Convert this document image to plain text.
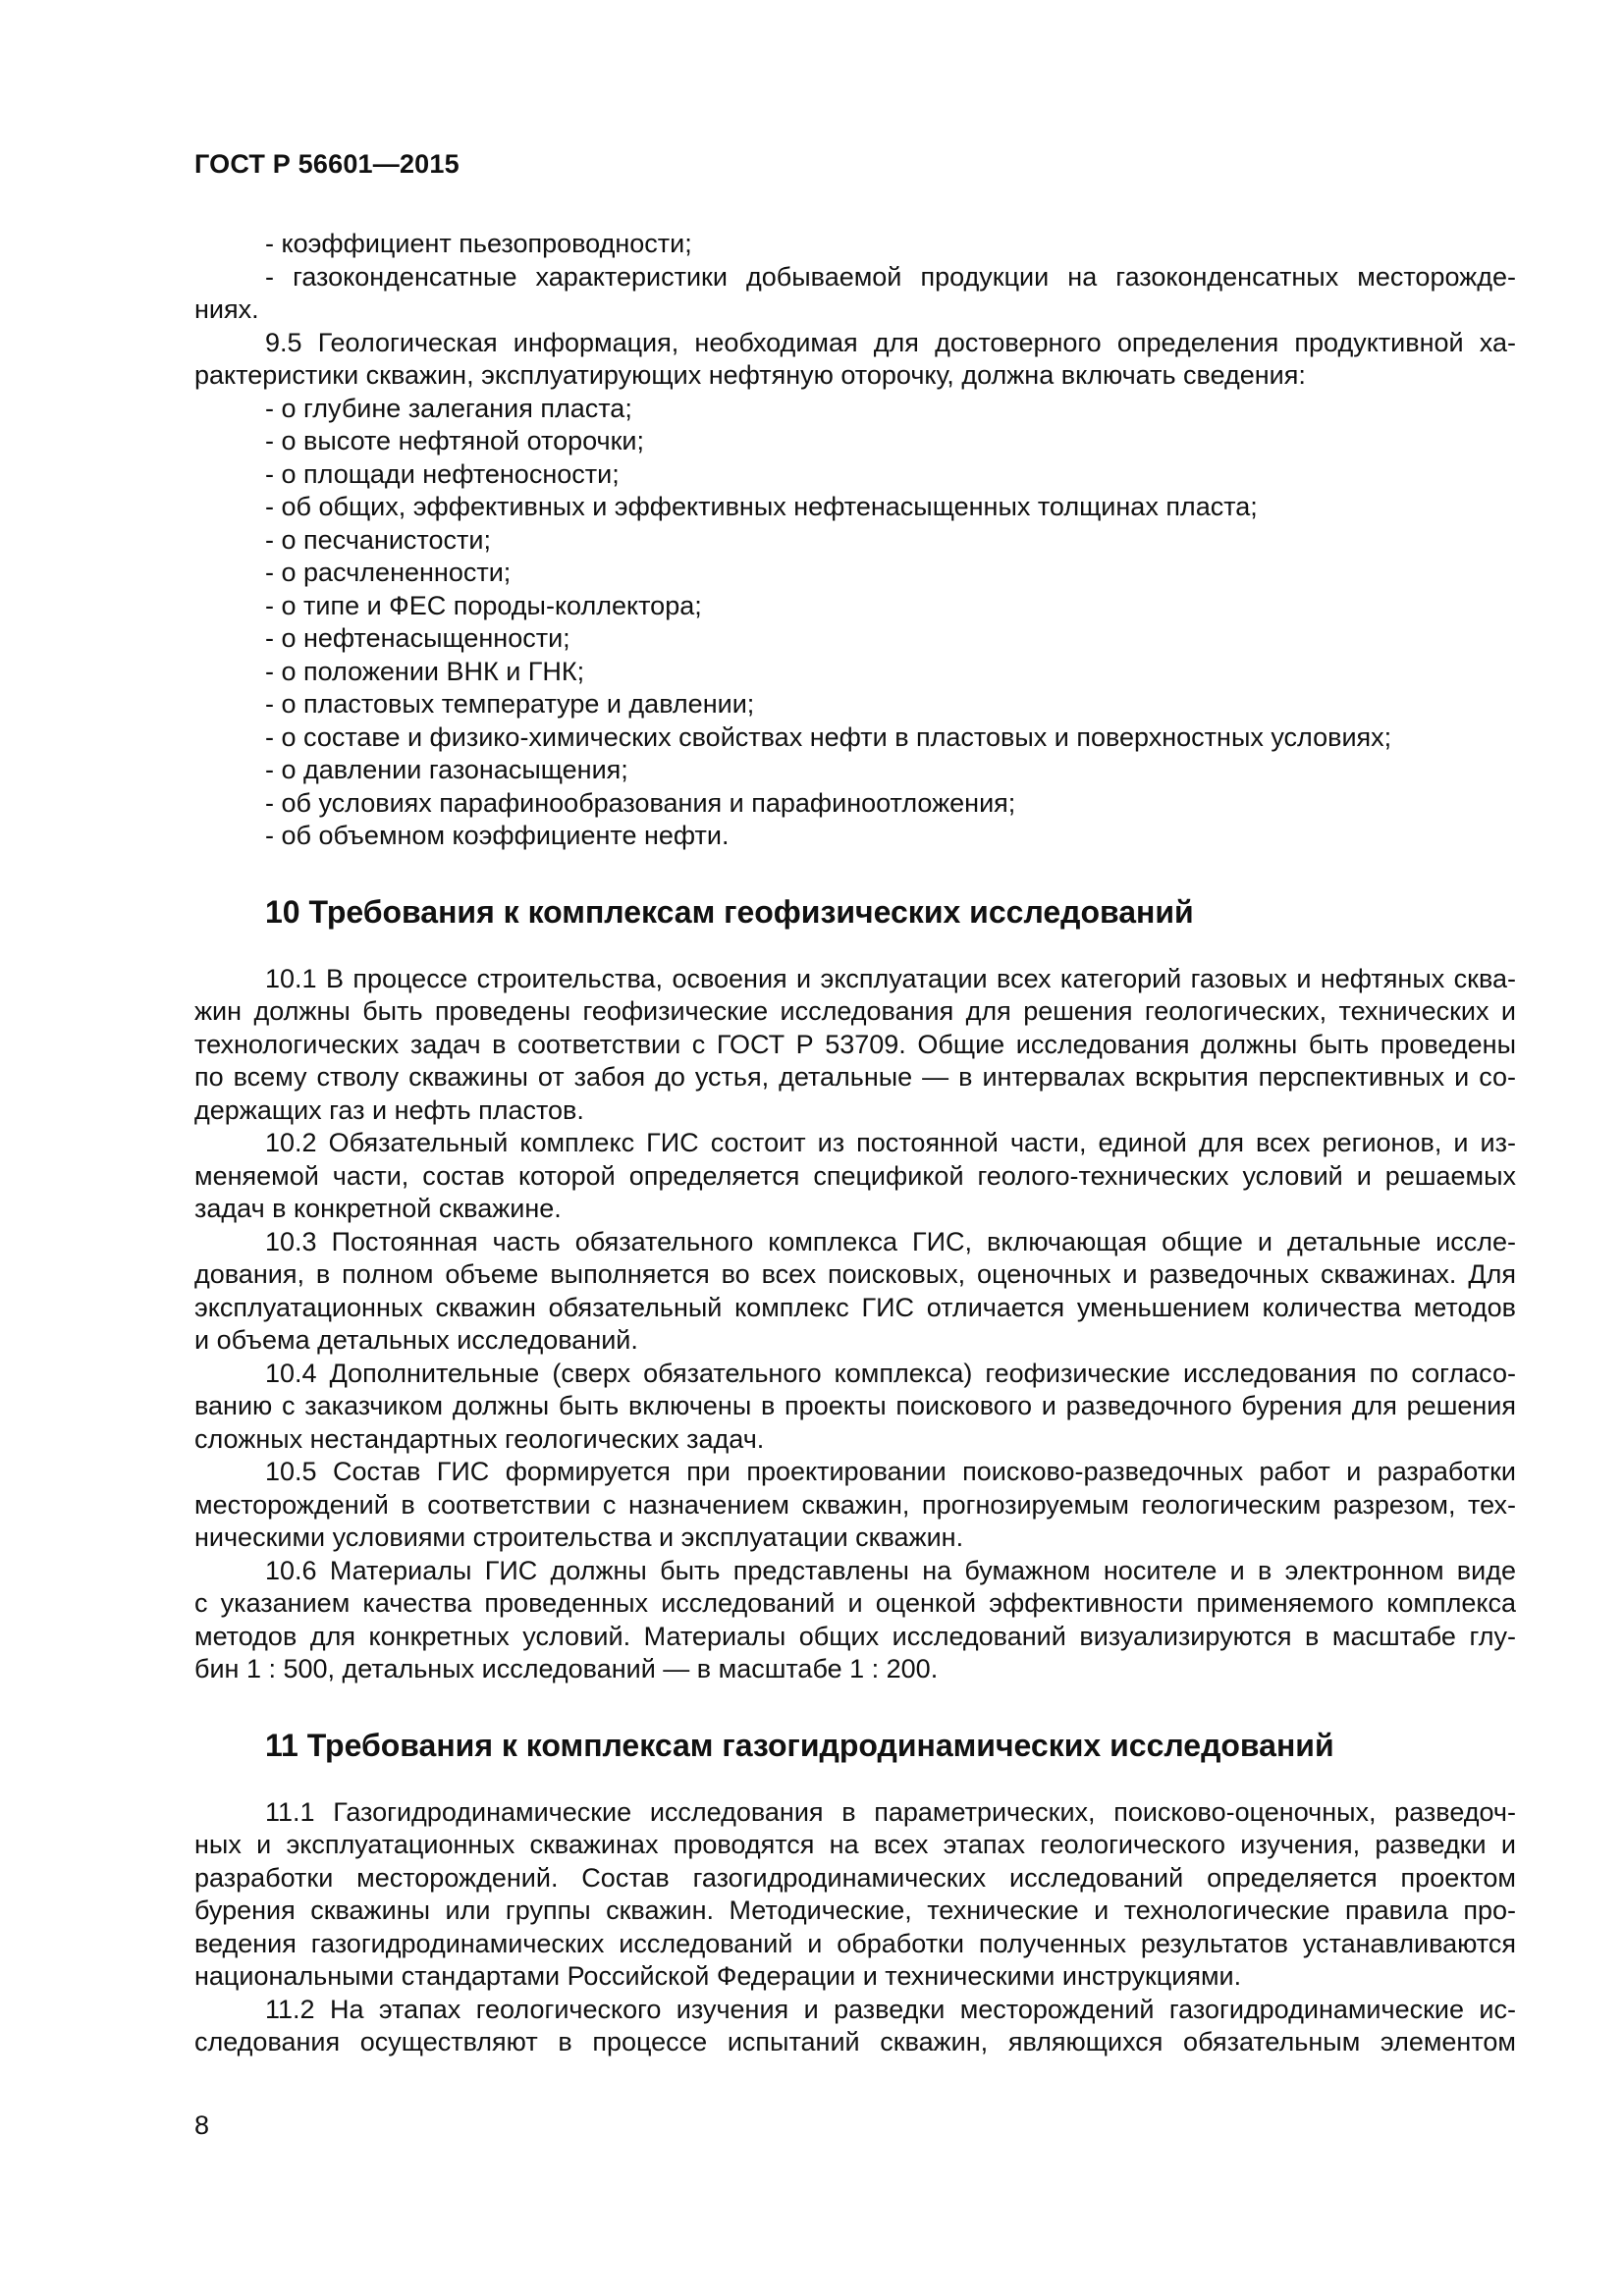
ГОСТ Р 56601—2015
- коэффициент пьезопроводности;
- газоконденсатные характеристики добываемой продукции на газоконденсатных месторожде-
ниях.
9.5 Геологическая информация, необходимая для достоверного определения продуктивной ха-
рактеристики скважин, эксплуатирующих нефтяную оторочку, должна включать сведения:
- о глубине залегания пласта;
- о высоте нефтяной оторочки;
- о площади нефтеносности;
- об общих, эффективных и эффективных нефтенасыщенных толщинах пласта;
- о песчанистости;
- о расчлененности;
- о типе и ФЕС породы-коллектора;
- о нефтенасыщенности;
- о положении ВНК и ГНК;
- о пластовых температуре и давлении;
- о составе и физико-химических свойствах нефти в пластовых и поверхностных условиях;
- о давлении газонасыщения;
- об условиях парафинообразования и парафиноотложения;
- об объемном коэффициенте нефти.
10 Требования к комплексам геофизических исследований
10.1 В процессе строительства, освоения и эксплуатации всех категорий газовых и нефтяных сква-
жин должны быть проведены геофизические исследования для решения геологических, технических и
технологических задач в соответствии с ГОСТ Р 53709. Общие исследования должны быть проведены
по всему стволу скважины от забоя до устья, детальные — в интервалах вскрытия перспективных и со-
держащих газ и нефть пластов.
10.2 Обязательный комплекс ГИС состоит из постоянной части, единой для всех регионов, и из-
меняемой части, состав которой определяется спецификой геолого-технических условий и решаемых
задач в конкретной скважине.
10.3 Постоянная часть обязательного комплекса ГИС, включающая общие и детальные иссле-
дования, в полном объеме выполняется во всех поисковых, оценочных и разведочных скважинах. Для
эксплуатационных скважин обязательный комплекс ГИС отличается уменьшением количества методов
и объема детальных исследований.
10.4 Дополнительные (сверх обязательного комплекса) геофизические исследования по согласо-
ванию с заказчиком должны быть включены в проекты поискового и разведочного бурения для решения
сложных нестандартных геологических задач.
10.5 Состав ГИС формируется при проектировании поисково-разведочных работ и разработки
месторождений в соответствии с назначением скважин, прогнозируемым геологическим разрезом, тех-
ническими условиями строительства и эксплуатации скважин.
10.6 Материалы ГИС должны быть представлены на бумажном носителе и в электронном виде
с указанием качества проведенных исследований и оценкой эффективности применяемого комплекса
методов для конкретных условий. Материалы общих исследований визуализируются в масштабе глу-
бин 1 : 500, детальных исследований — в масштабе 1 : 200.
11 Требования к комплексам газогидродинамических исследований
11.1 Газогидродинамические исследования в параметрических, поисково-оценочных, разведоч-
ных и эксплуатационных скважинах проводятся на всех этапах геологического изучения, разведки и
разработки месторождений. Состав газогидродинамических исследований определяется проектом
бурения скважины или группы скважин. Методические, технические и технологические правила про-
ведения газогидродинамических исследований и обработки полученных результатов устанавливаются
национальными стандартами Российской Федерации и техническими инструкциями.
11.2 На этапах геологического изучения и разведки месторождений газогидродинамические ис-
следования осуществляют в процессе испытаний скважин, являющихся обязательным элементом
8
